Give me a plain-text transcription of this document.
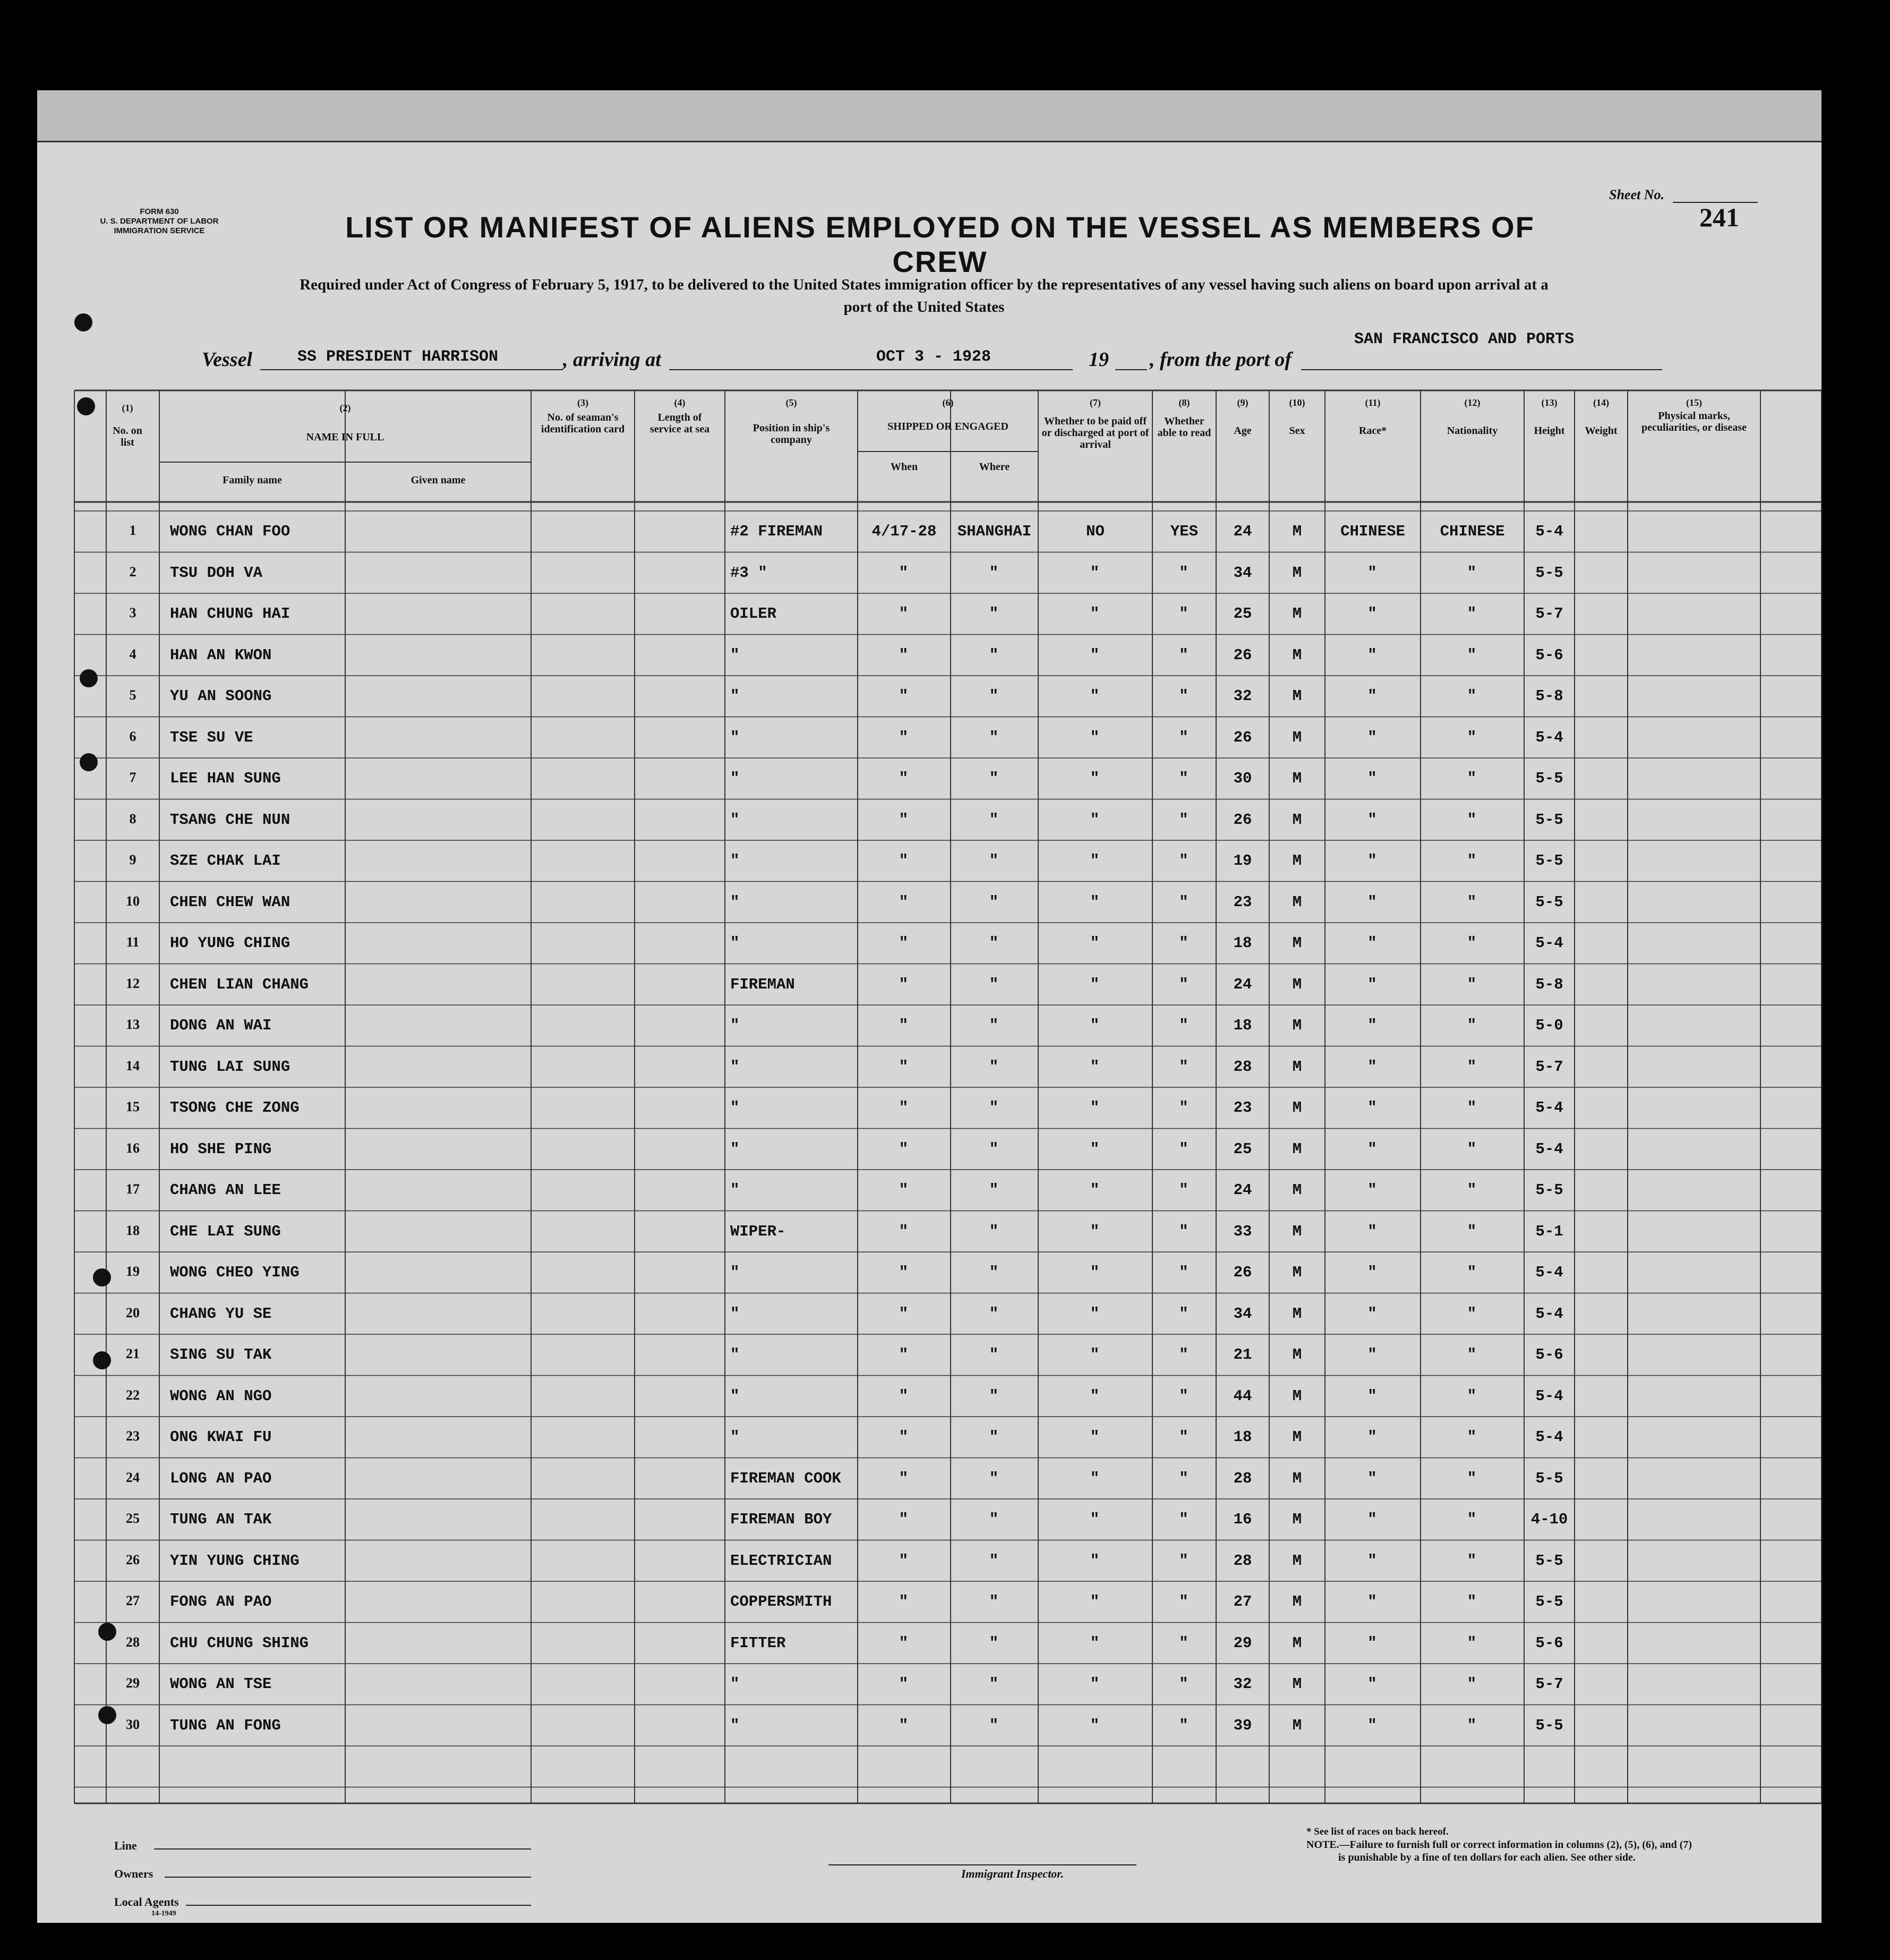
FORM 630
U. S. DEPARTMENT OF LABOR
IMMIGRATION SERVICE
Sheet No.
241
LIST OR MANIFEST OF ALIENS EMPLOYED ON THE VESSEL AS MEMBERS OF CREW
Required under Act of Congress of February 5, 1917, to be delivered to the United States immigration officer by the representatives of any vessel having such aliens on board upon arrival at a
port of the United States
Vessel	SS PRESIDENT HARRISON	, arriving at	OCT 3 - 1928	19 , from the port of
SAN FRANCISCO AND PORTS
(1)
No. on list
(2)
NAME IN FULL
Family name	Given name
(3)
No. of seaman's identification card
(4)
Length of service at sea
(5)
Position in ship's company
(6)
SHIPPED OR ENGAGED
When	Where
(7)
Whether to be paid off or discharged at port of arrival
(8)
Whether able to read
(9)
Age
(10)
Sex
(11)
Race*
(12)
Nationality
(13)
Height
(14)
Weight
(15)
Physical marks, peculiarities, or disease
1	WONG CHAN FOO	#2 FIREMAN	4/17-28	SHANGHAI	NO	YES	24	M	CHINESE	CHINESE	5-4
2	TSU DOH VA	#3 "	"	"	"	"	34	M	"	"	5-5
3	HAN CHUNG HAI	OILER	"	"	"	"	25	M	"	"	5-7
4	HAN AN KWON	"	"	"	"	"	26	M	"	"	5-6
5	YU AN SOONG	"	"	"	"	"	32	M	"	"	5-8
6	TSE SU VE	"	"	"	"	"	26	M	"	"	5-4
7	LEE HAN SUNG	"	"	"	"	"	30	M	"	"	5-5
8	TSANG CHE NUN	"	"	"	"	"	26	M	"	"	5-5
9	SZE CHAK LAI	"	"	"	"	"	19	M	"	"	5-5
10	CHEN CHEW WAN	"	"	"	"	"	23	M	"	"	5-5
11	HO YUNG CHING	"	"	"	"	"	18	M	"	"	5-4
12	CHEN LIAN CHANG	FIREMAN	"	"	"	"	24	M	"	"	5-8
13	DONG AN WAI	"	"	"	"	"	18	M	"	"	5-0
14	TUNG LAI SUNG	"	"	"	"	"	28	M	"	"	5-7
15	TSONG CHE ZONG	"	"	"	"	"	23	M	"	"	5-4
16	HO SHE PING	"	"	"	"	"	25	M	"	"	5-4
17	CHANG AN LEE	"	"	"	"	"	24	M	"	"	5-5
18	CHE LAI SUNG	WIPER-	"	"	"	"	33	M	"	"	5-1
19	WONG CHEO YING	"	"	"	"	"	26	M	"	"	5-4
20	CHANG YU SE	"	"	"	"	"	34	M	"	"	5-4
21	SING SU TAK	"	"	"	"	"	21	M	"	"	5-6
22	WONG AN NGO	"	"	"	"	"	44	M	"	"	5-4
23	ONG KWAI FU	"	"	"	"	"	18	M	"	"	5-4
24	LONG AN PAO	FIREMAN COOK	"	"	"	"	28	M	"	"	5-5
25	TUNG AN TAK	FIREMAN BOY	"	"	"	"	16	M	"	"	4-10
26	YIN YUNG CHING	ELECTRICIAN	"	"	"	"	28	M	"	"	5-5
27	FONG AN PAO	COPPERSMITH	"	"	"	"	27	M	"	"	5-5
28	CHU CHUNG SHING	FITTER	"	"	"	"	29	M	"	"	5-6
29	WONG AN TSE	"	"	"	"	"	32	M	"	"	5-7
30	TUNG AN FONG	"	"	"	"	"	39	M	"	"	5-5
Line
Owners
Local Agents
14-1949
Immigrant Inspector.
* See list of races on back hereof.
NOTE.—Failure to furnish full or correct information in columns (2), (5), (6), and (7)
is punishable by a fine of ten dollars for each alien. See other side.
